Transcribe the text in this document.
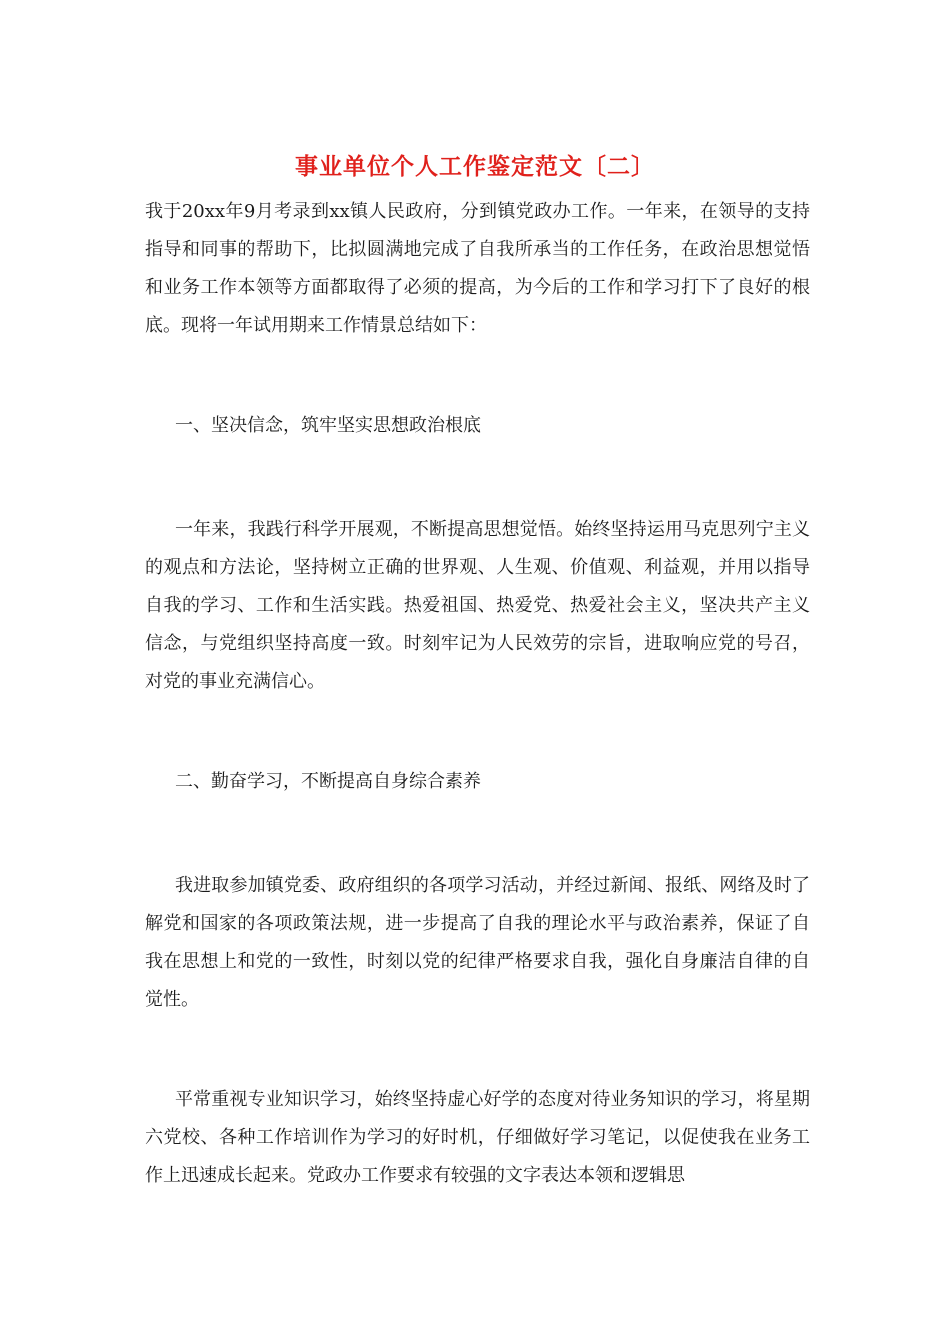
事业单位个人工作鉴定范文〔二〕

我于20xx年9月考录到xx镇人民政府，分到镇党政办工作。一年来，在领导的支持指导和同事的帮助下，比拟圆满地完成了自我所承当的工作任务，在政治思想觉悟和业务工作本领等方面都取得了必须的提高，为今后的工作和学习打下了良好的根底。现将一年试用期来工作情景总结如下：

一、坚决信念，筑牢坚实思想政治根底

一年来，我践行科学开展观，不断提高思想觉悟。始终坚持运用马克思列宁主义的观点和方法论，坚持树立正确的世界观、人生观、价值观、利益观，并用以指导自我的学习、工作和生活实践。热爱祖国、热爱党、热爱社会主义，坚决共产主义信念，与党组织坚持高度一致。时刻牢记为人民效劳的宗旨，进取响应党的号召，对党的事业充满信心。

二、勤奋学习，不断提高自身综合素养

我进取参加镇党委、政府组织的各项学习活动，并经过新闻、报纸、网络及时了解党和国家的各项政策法规，进一步提高了自我的理论水平与政治素养，保证了自我在思想上和党的一致性，时刻以党的纪律严格要求自我，强化自身廉洁自律的自觉性。

平常重视专业知识学习，始终坚持虚心好学的态度对待业务知识的学习，将星期六党校、各种工作培训作为学习的好时机，仔细做好学习笔记，以促使我在业务工作上迅速成长起来。党政办工作要求有较强的文字表达本领和逻辑思
